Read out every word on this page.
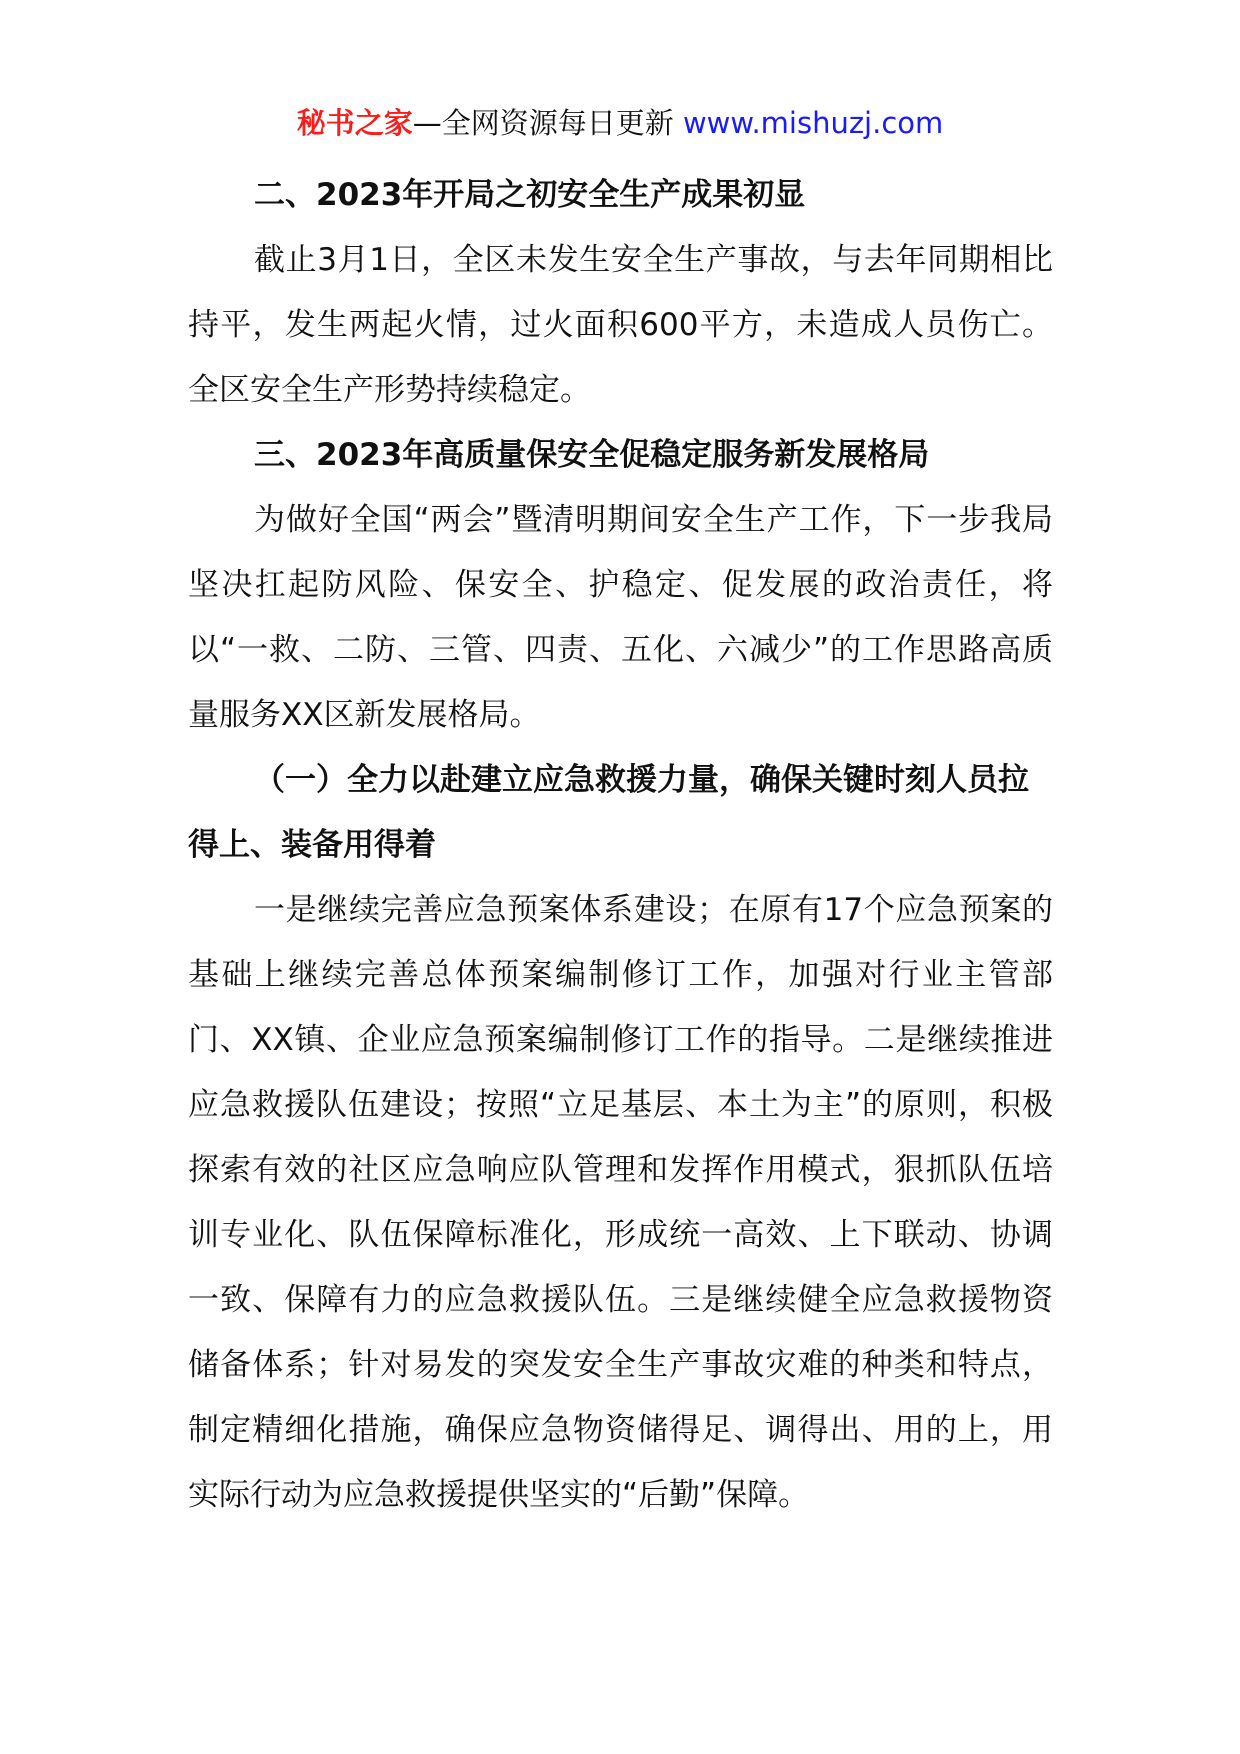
秘书之家—全网资源每日更新 www.mishuzj.com

二、2023年开局之初安全生产成果初显

截止3月1日，全区未发生安全生产事故，与去年同期相比持平，发生两起火情，过火面积600平方，未造成人员伤亡。全区安全生产形势持续稳定。

三、2023年高质量保安全促稳定服务新发展格局

为做好全国“两会”暨清明期间安全生产工作，下一步我局坚决扛起防风险、保安全、护稳定、促发展的政治责任，将以“一救、二防、三管、四责、五化、六减少”的工作思路高质量服务XX区新发展格局。

（一）全力以赴建立应急救援力量，确保关键时刻人员拉得上、装备用得着

一是继续完善应急预案体系建设；在原有17个应急预案的基础上继续完善总体预案编制修订工作，加强对行业主管部门、XX镇、企业应急预案编制修订工作的指导。二是继续推进应急救援队伍建设；按照“立足基层、本土为主”的原则，积极探索有效的社区应急响应队管理和发挥作用模式，狠抓队伍培训专业化、队伍保障标准化，形成统一高效、上下联动、协调一致、保障有力的应急救援队伍。三是继续健全应急救援物资储备体系；针对易发的突发安全生产事故灾难的种类和特点，制定精细化措施，确保应急物资储得足、调得出、用的上，用实际行动为应急救援提供坚实的“后勤”保障。
